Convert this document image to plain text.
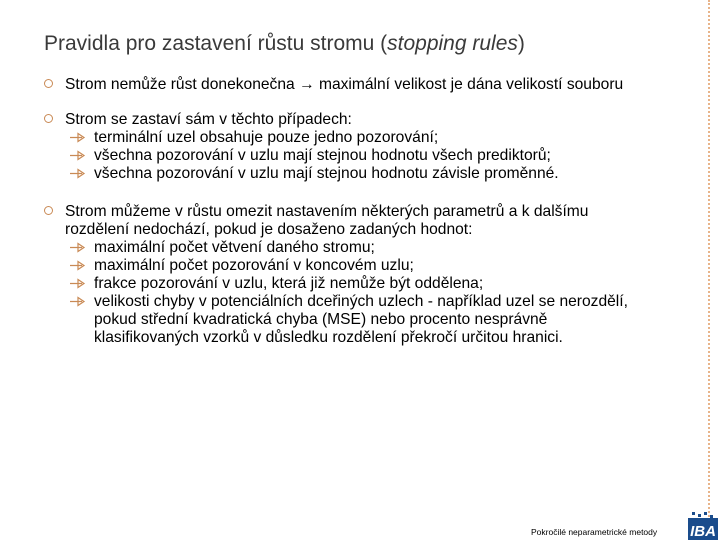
Pravidla pro zastavení růstu stromu (stopping rules)
Strom nemůže růst donekonečna → maximální velikost je dána velikostí souboru
Strom se zastaví sám v těchto případech:
terminální uzel obsahuje pouze jedno pozorování;
všechna pozorování v uzlu mají stejnou hodnotu všech prediktorů;
všechna pozorování v uzlu mají stejnou hodnotu závisle proměnné.
Strom můžeme v růstu omezit nastavením některých parametrů a k dalšímu rozdělení nedochází, pokud je dosaženo zadaných hodnot:
maximální počet větvení daného stromu;
maximální počet pozorování v koncovém uzlu;
frakce pozorování v uzlu, která již nemůže být oddělena;
velikosti chyby v potenciálních dceřiných uzlech - například uzel se nerozdělí, pokud střední kvadratická chyba (MSE) nebo procento nesprávně klasifikovaných vzorků v důsledku rozdělení překročí určitou hranici.
Pokročilé neparametrické metody IBA
